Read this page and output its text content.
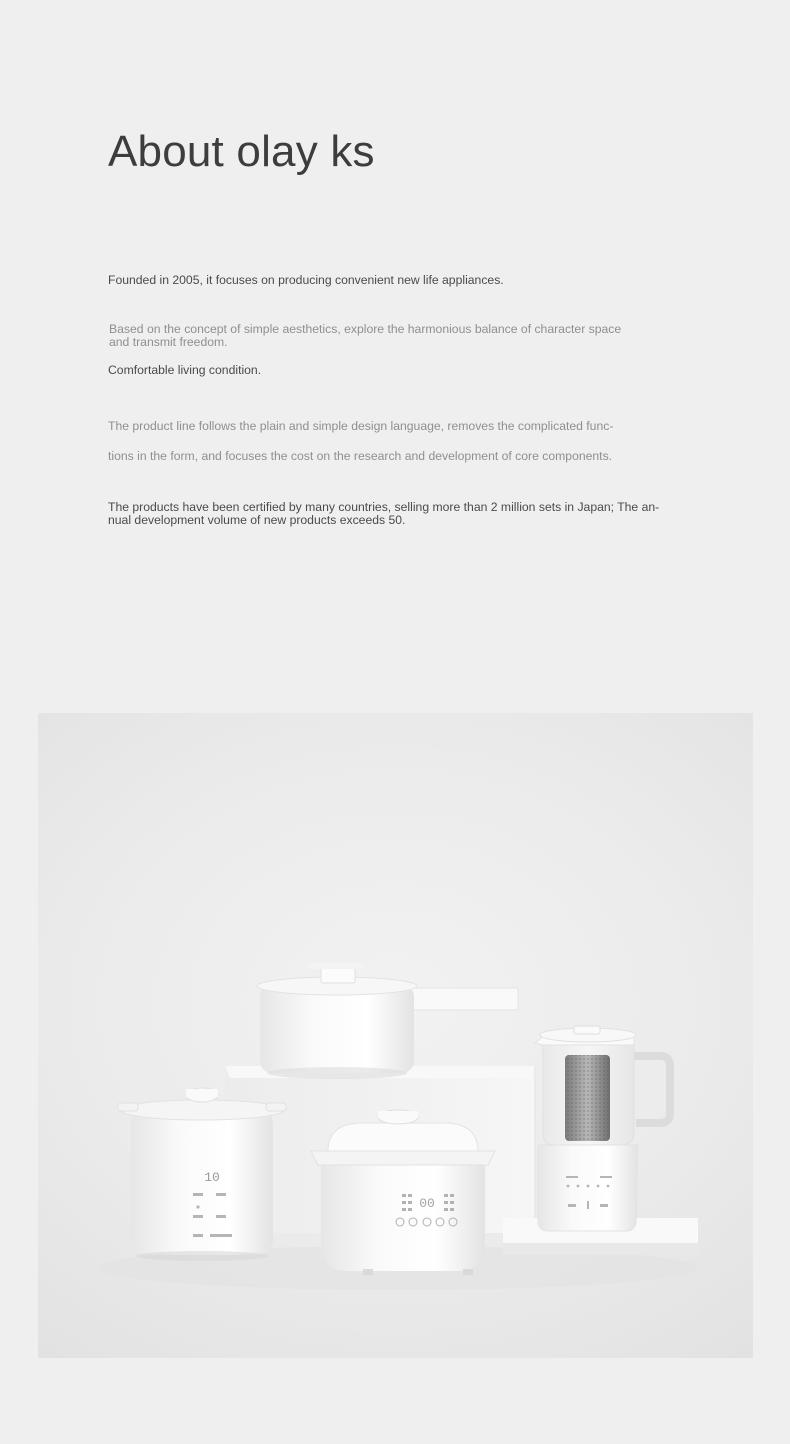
About olay ks

Founded in 2005, it focuses on producing convenient new life appliances.

Based on the concept of simple aesthetics, explore the harmonious balance of character space
and transmit freedom.

Comfortable living condition.

The product line follows the plain and simple design language, removes the complicated func-

tions in the form, and focuses the cost on the research and development of core components.

The products have been certified by many countries, selling more than 2 million sets in Japan; The an-
nual development volume of new products exceeds 50.

10
00
